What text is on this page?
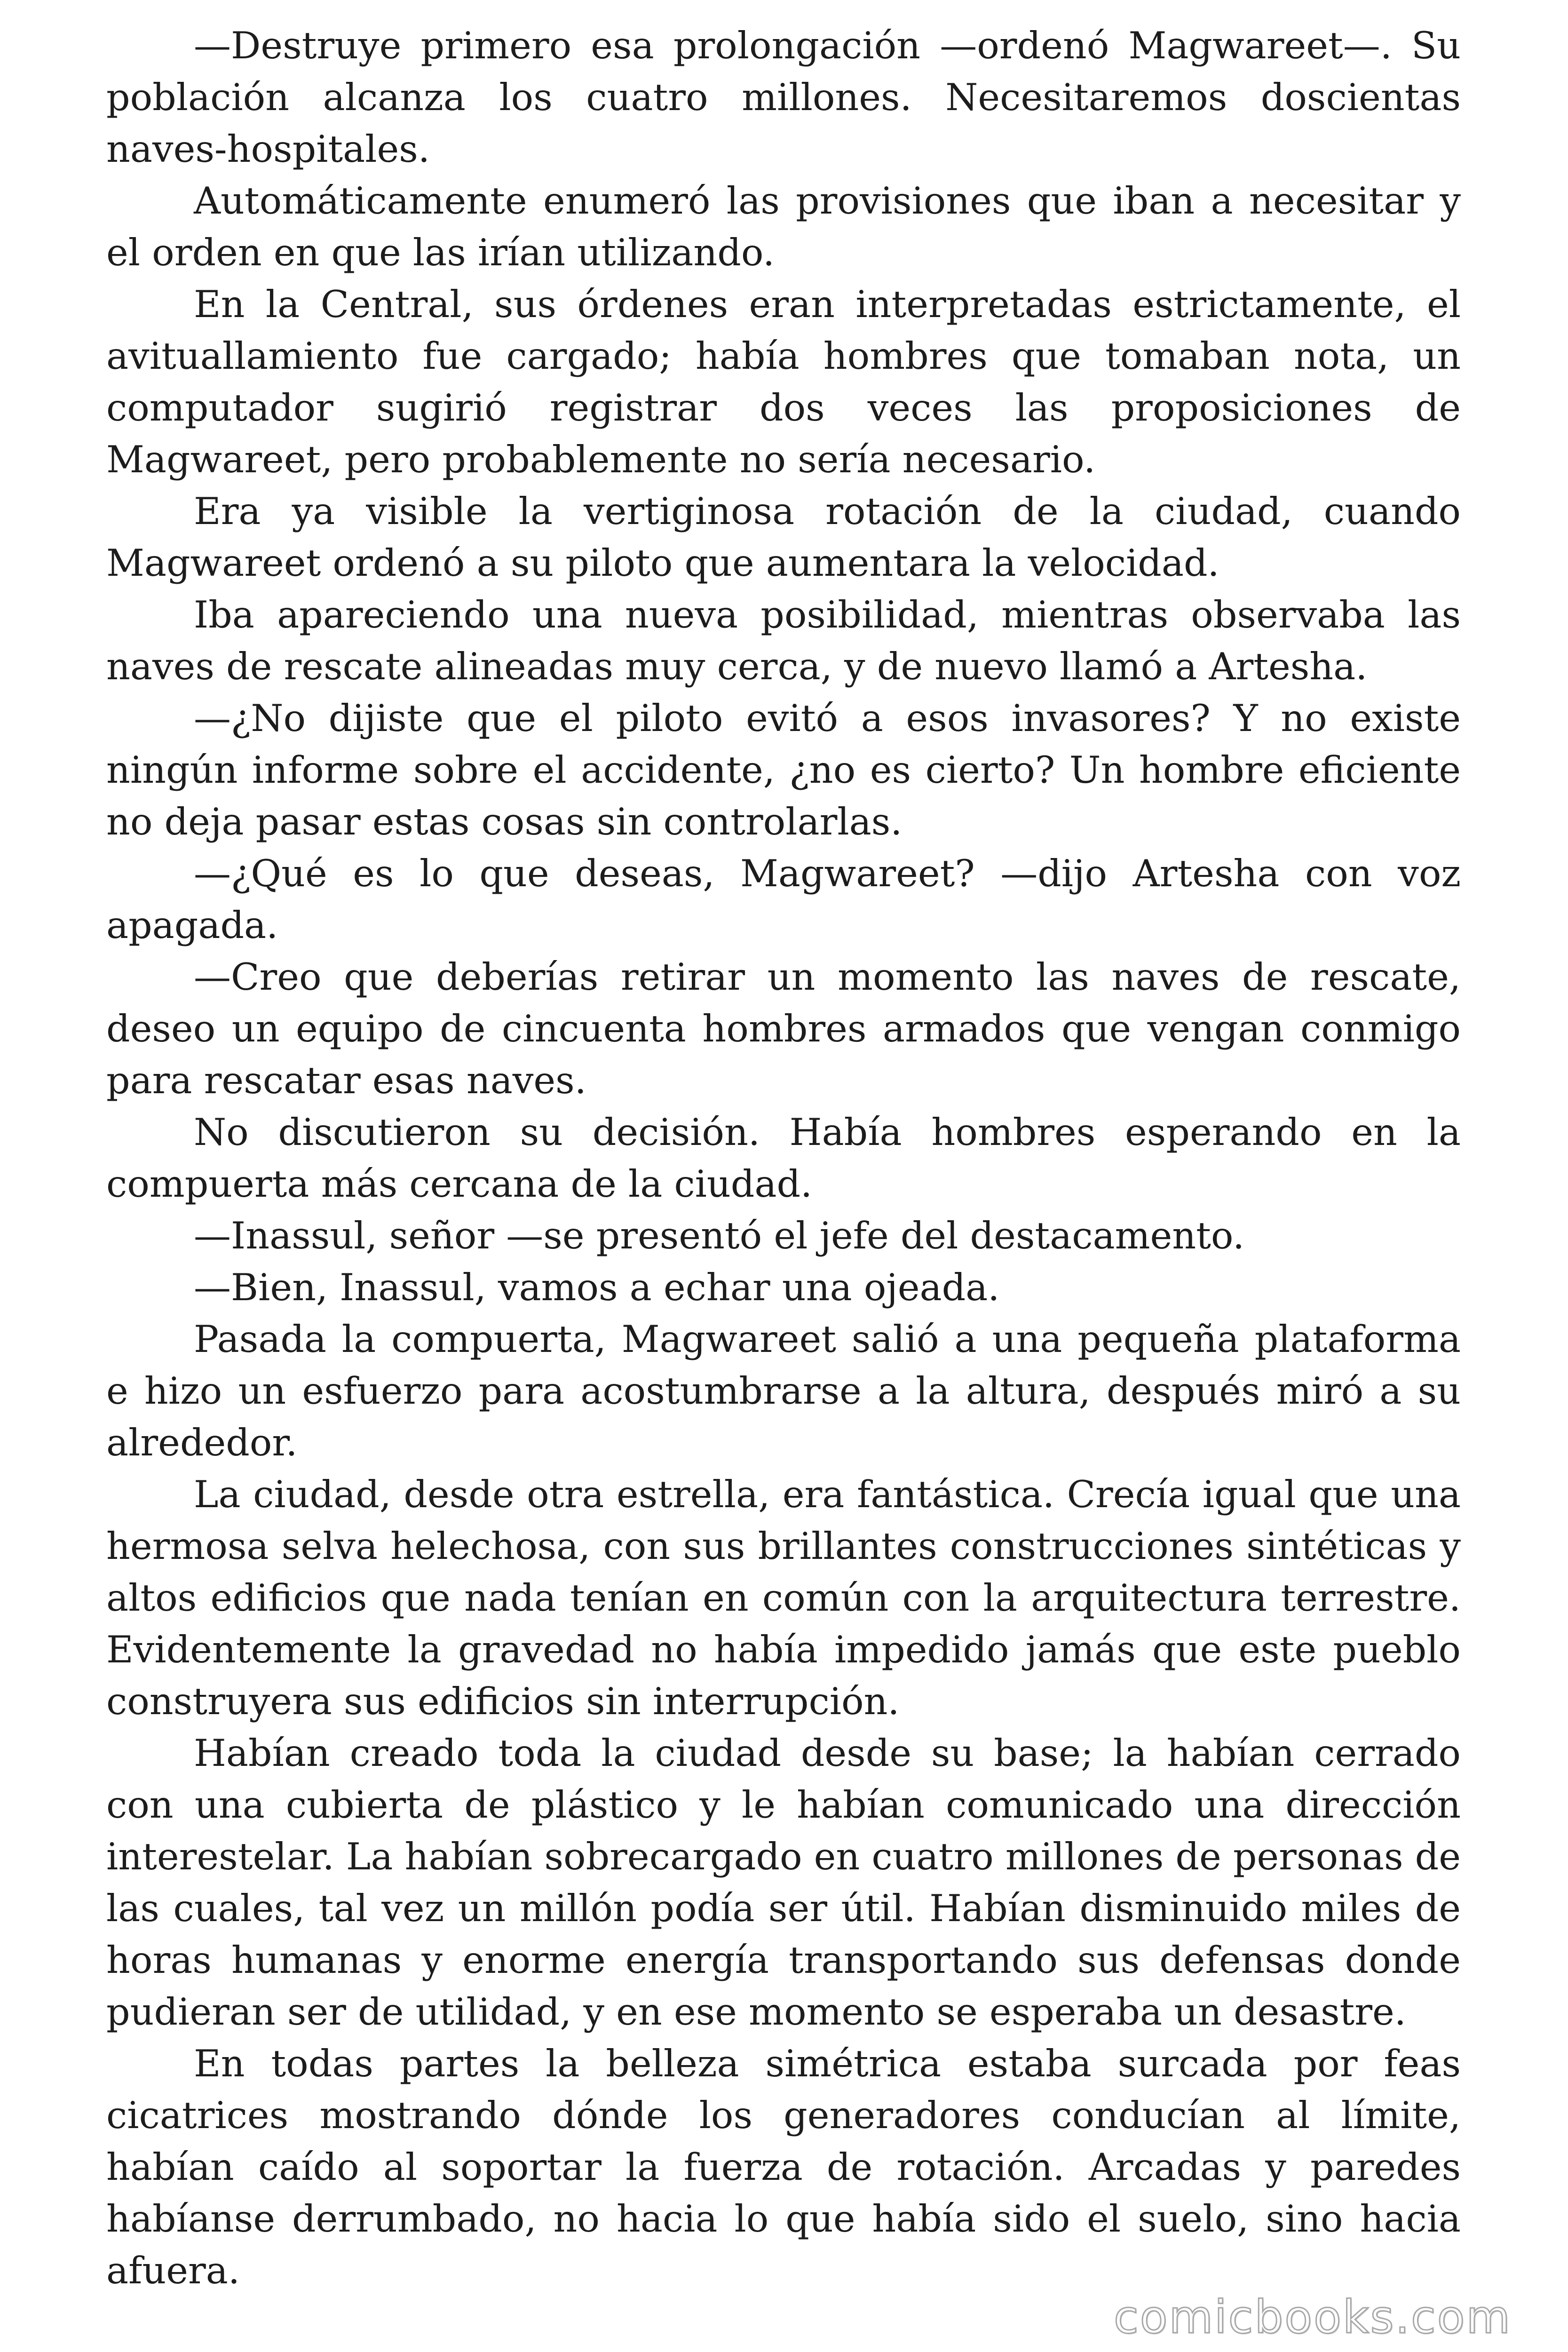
—Destruye primero esa prolongación —ordenó Magwareet—. Su población alcanza los cuatro millones. Necesitaremos doscientas naves-hospitales.

Automáticamente enumeró las provisiones que iban a necesitar y el orden en que las irían utilizando.

En la Central, sus órdenes eran interpretadas estrictamente, el avituallamiento fue cargado; había hombres que tomaban nota, un computador sugirió registrar dos veces las proposiciones de Magwareet, pero probablemente no sería necesario.

Era ya visible la vertiginosa rotación de la ciudad, cuando Magwareet ordenó a su piloto que aumentara la velocidad.

Iba apareciendo una nueva posibilidad, mientras observaba las naves de rescate alineadas muy cerca, y de nuevo llamó a Artesha.

—¿No dijiste que el piloto evitó a esos invasores? Y no existe ningún informe sobre el accidente, ¿no es cierto? Un hombre eficiente no deja pasar estas cosas sin controlarlas.

—¿Qué es lo que deseas, Magwareet? —dijo Artesha con voz apagada.

—Creo que deberías retirar un momento las naves de rescate, deseo un equipo de cincuenta hombres armados que vengan conmigo para rescatar esas naves.

No discutieron su decisión. Había hombres esperando en la compuerta más cercana de la ciudad.

—Inassul, señor —se presentó el jefe del destacamento.

—Bien, Inassul, vamos a echar una ojeada.

Pasada la compuerta, Magwareet salió a una pequeña plataforma e hizo un esfuerzo para acostumbrarse a la altura, después miró a su alrededor.

La ciudad, desde otra estrella, era fantástica. Crecía igual que una hermosa selva helechosa, con sus brillantes construcciones sintéticas y altos edificios que nada tenían en común con la arquitectura terrestre. Evidentemente la gravedad no había impedido jamás que este pueblo construyera sus edificios sin interrupción.

Habían creado toda la ciudad desde su base; la habían cerrado con una cubierta de plástico y le habían comunicado una dirección interestelar. La habían sobrecargado en cuatro millones de personas de las cuales, tal vez un millón podía ser útil. Habían disminuido miles de horas humanas y enorme energía transportando sus defensas donde pudieran ser de utilidad, y en ese momento se esperaba un desastre.

En todas partes la belleza simétrica estaba surcada por feas cicatrices mostrando dónde los generadores conducían al límite, habían caído al soportar la fuerza de rotación. Arcadas y paredes habíanse derrumbado, no hacia lo que había sido el suelo, sino hacia afuera.

comicbooks.com
